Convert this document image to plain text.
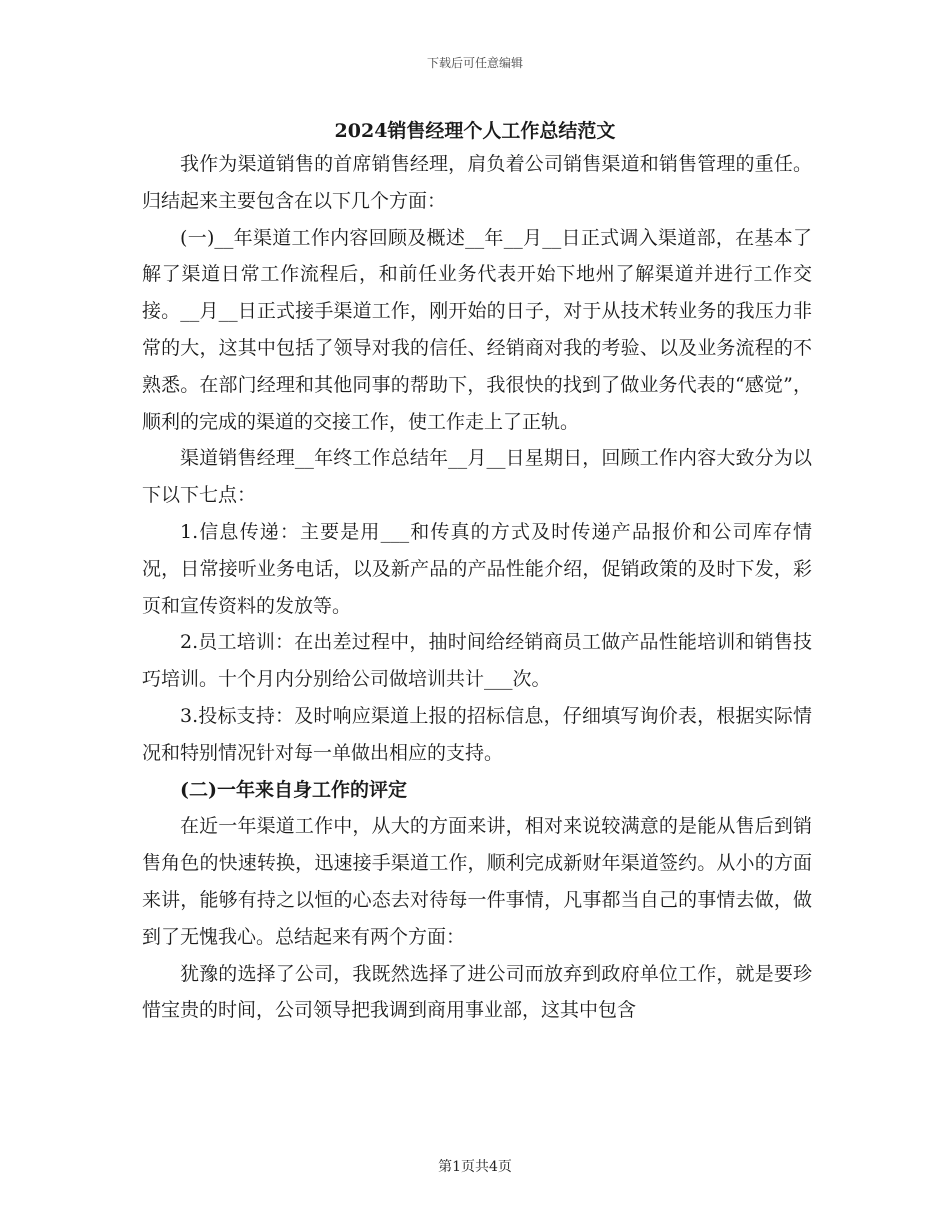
下载后可任意编辑
2024销售经理个人工作总结范文

我作为渠道销售的首席销售经理，肩负着公司销售渠道和销售管理的重任。归结起来主要包含在以下几个方面：

(一)__年渠道工作内容回顾及概述__年__月__日正式调入渠道部，在基本了解了渠道日常工作流程后，和前任业务代表开始下地州了解渠道并进行工作交接。__月__日正式接手渠道工作，刚开始的日子，对于从技术转业务的我压力非常的大，这其中包括了领导对我的信任、经销商对我的考验、以及业务流程的不熟悉。在部门经理和其他同事的帮助下，我很快的找到了做业务代表的“感觉”，顺利的完成的渠道的交接工作，使工作走上了正轨。

渠道销售经理__年终工作总结年__月__日星期日，回顾工作内容大致分为以下以下七点：

1.信息传递：主要是用___和传真的方式及时传递产品报价和公司库存情况，日常接听业务电话，以及新产品的产品性能介绍，促销政策的及时下发，彩页和宣传资料的发放等。

2.员工培训：在出差过程中，抽时间给经销商员工做产品性能培训和销售技巧培训。十个月内分别给公司做培训共计___次。

3.投标支持：及时响应渠道上报的招标信息，仔细填写询价表，根据实际情况和特别情况针对每一单做出相应的支持。

(二)一年来自身工作的评定

在近一年渠道工作中，从大的方面来讲，相对来说较满意的是能从售后到销售角色的快速转换，迅速接手渠道工作，顺利完成新财年渠道签约。从小的方面来讲，能够有持之以恒的心态去对待每一件事情，凡事都当自己的事情去做，做到了无愧我心。总结起来有两个方面：

犹豫的选择了公司，我既然选择了进公司而放弃到政府单位工作，就是要珍惜宝贵的时间，公司领导把我调到商用事业部，这其中包含

第1页共4页
